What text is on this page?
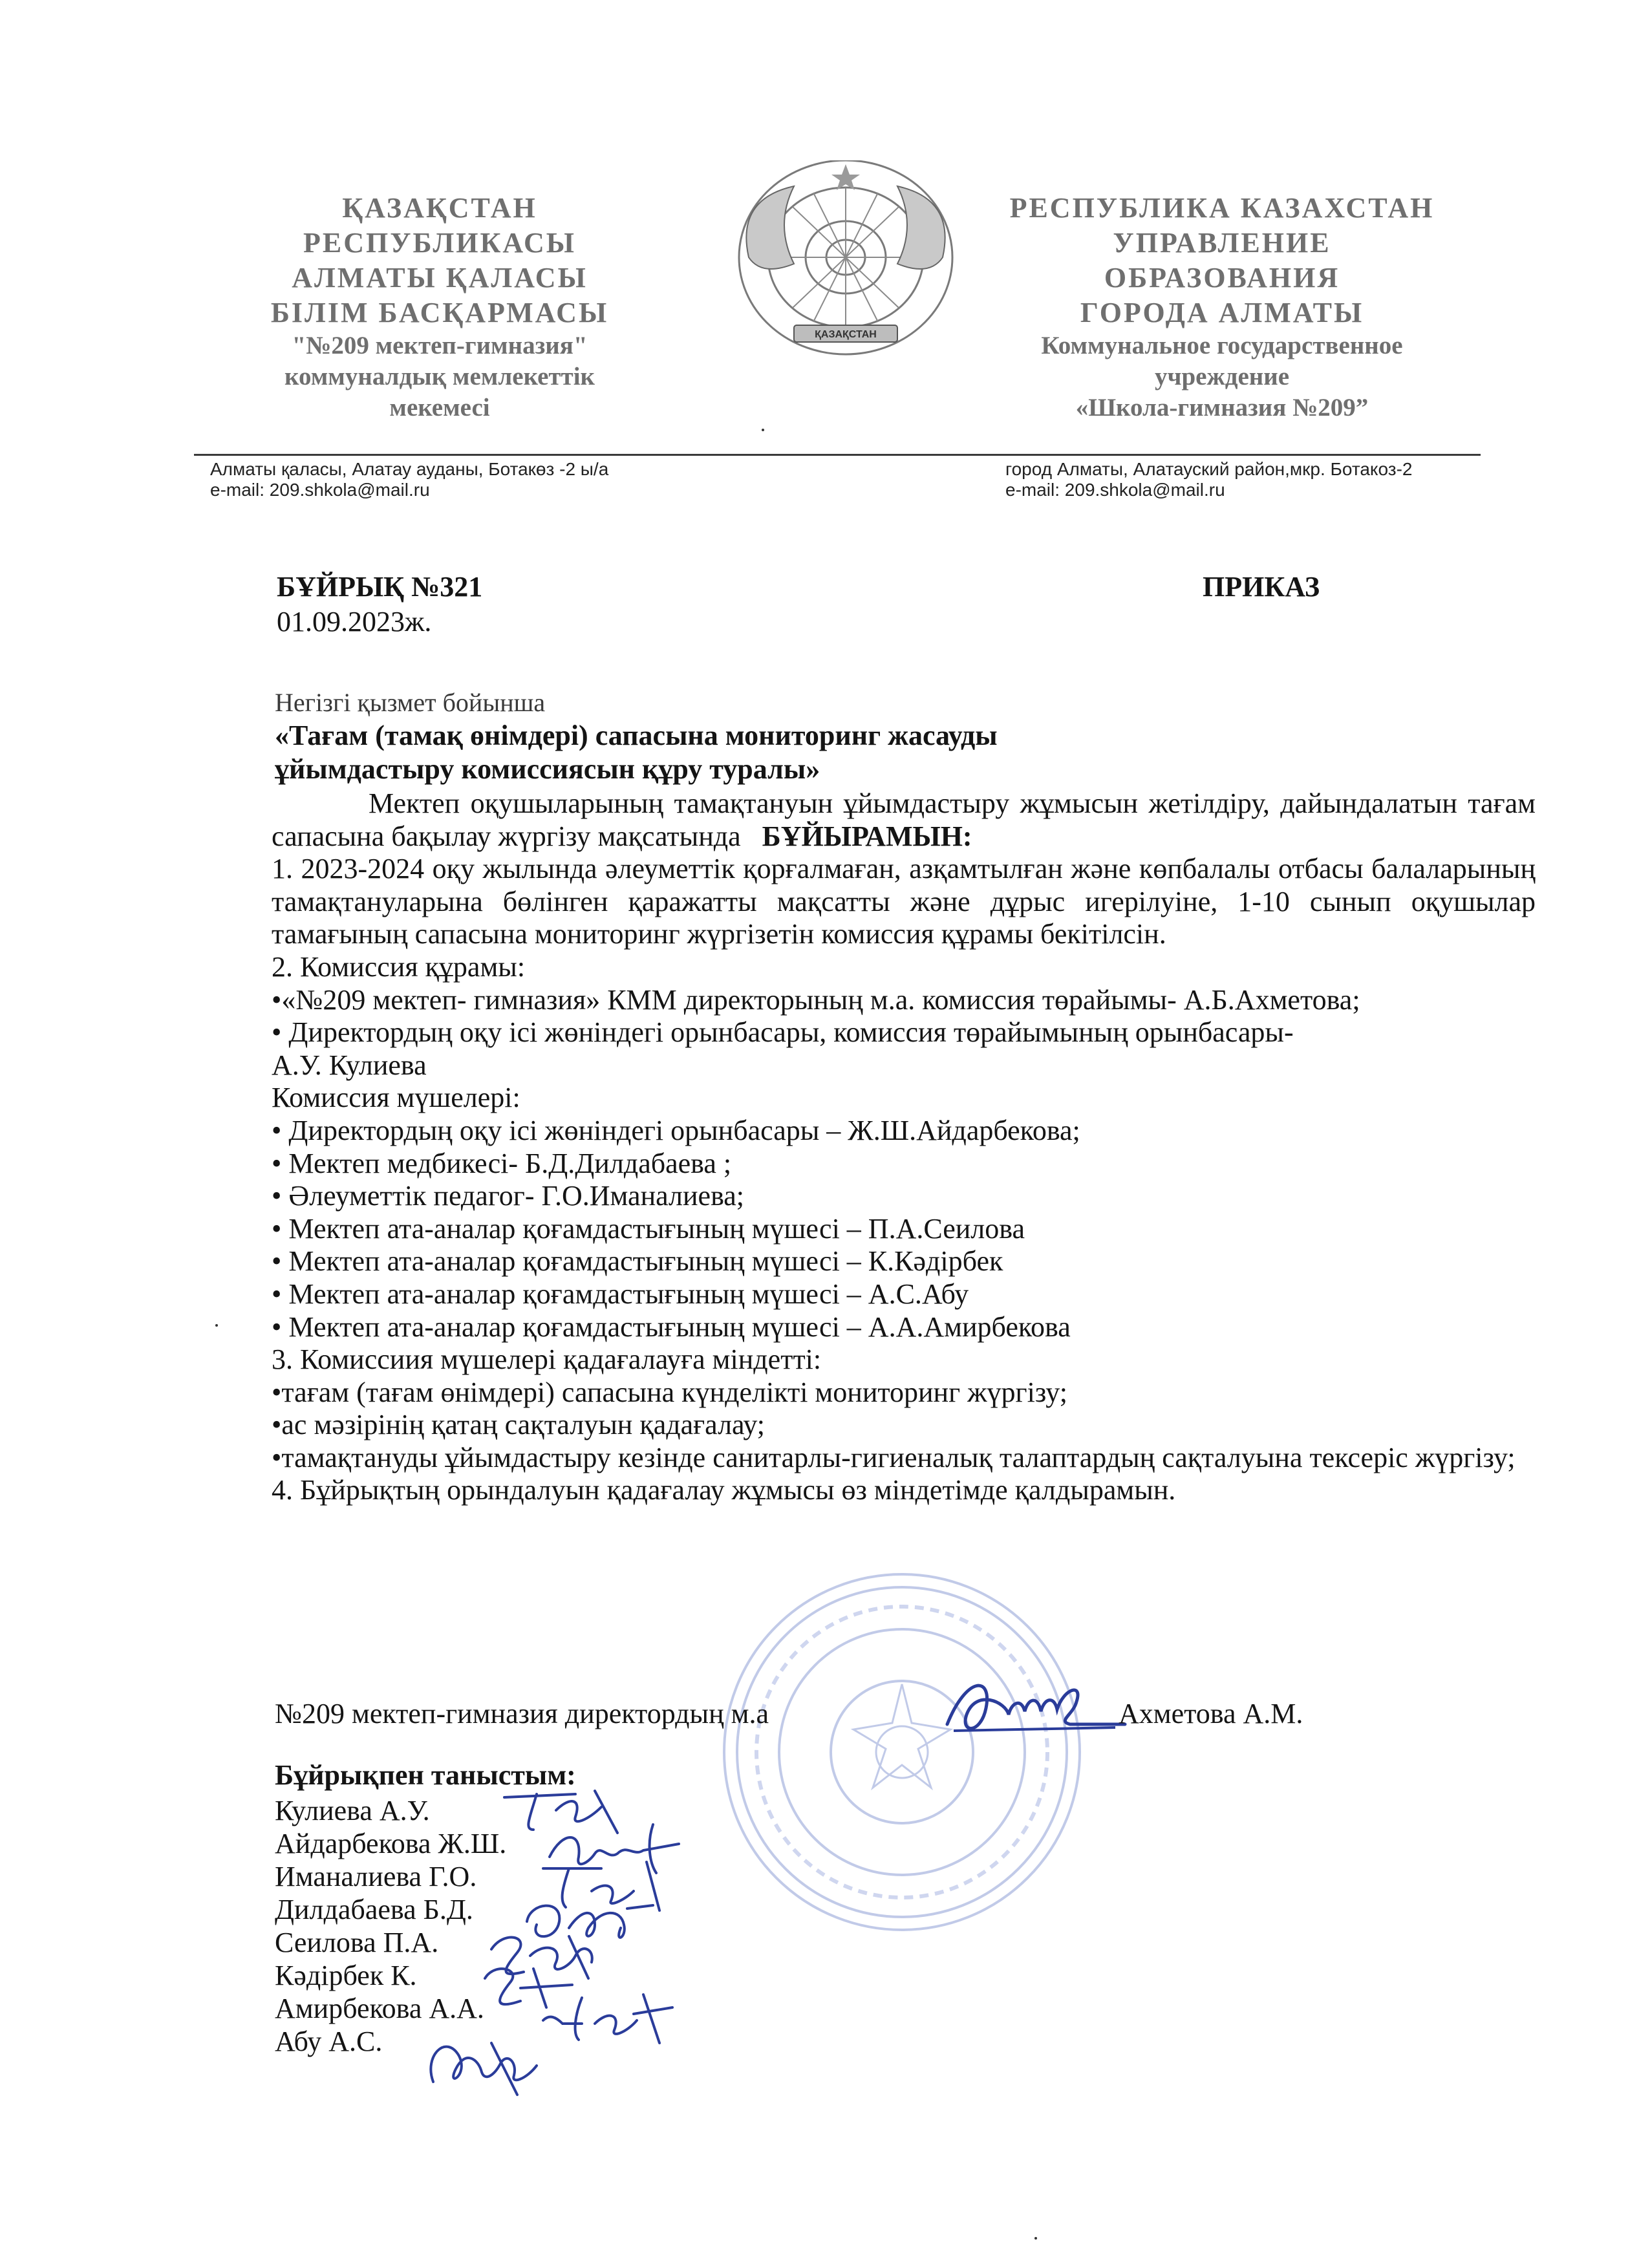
ҚАЗАҚСТАН
РЕСПУБЛИКАСЫ
АЛМАТЫ ҚАЛАСЫ
БІЛІМ БАСҚАРМАСЫ
"№209 мектеп-гимназия"
коммуналдық мемлекеттік
мекемесі
ҚАЗАҚСТАН
РЕСПУБЛИКА КАЗАХСТАН
УПРАВЛЕНИЕ
ОБРАЗОВАНИЯ
ГОРОДА АЛМАТЫ
Коммунальное государственное
учреждение
«Школа-гимназия №209”
Алматы қаласы, Алатау ауданы, Ботакөз -2 ы/а
e-mail: 209.shkola@mail.ru
город Алматы, Алатауский район,мкр. Ботакоз-2
e-mail: 209.shkola@mail.ru
БҰЙРЫҚ №321	ПРИКАЗ
01.09.2023ж.
Негізгі қызмет бойынша
«Тағам (тамақ өнімдері) сапасына мониторинг жасауды
ұйымдастыру комиссиясын құру туралы»

Мектеп оқушыларының тамақтануын ұйымдастыру жұмысын жетілдіру, дайындалатын тағам сапасына бақылау жүргізу мақсатында БҰЙЫРАМЫН:

1. 2023-2024 оқу жылында әлеуметтік қорғалмаған, азқамтылған және көпбалалы отбасы балаларының тамақтануларына бөлінген қаражатты мақсатты және дұрыс игерілуіне, 1-10 сынып оқушылар тамағының сапасына мониторинг жүргізетін комиссия құрамы бекітілсін.

2. Комиссия құрамы:

•«№209 мектеп- гимназия» КММ директорының м.а. комиссия төрайымы- А.Б.Ахметова;

• Директордың оқу ісі жөніндегі орынбасары, комиссия төрайымының орынбасары-

А.У. Кулиева

Комиссия мүшелері:

• Директордың оқу ісі жөніндегі орынбасары – Ж.Ш.Айдарбекова;

• Мектеп медбикесі- Б.Д.Дилдабаева ;

• Әлеуметтік педагог- Г.О.Иманалиева;

• Мектеп ата-аналар қоғамдастығының мүшесі – П.А.Сеилова

• Мектеп ата-аналар қоғамдастығының мүшесі – К.Кәдірбек

• Мектеп ата-аналар қоғамдастығының мүшесі – А.С.Абу

• Мектеп ата-аналар қоғамдастығының мүшесі – А.А.Амирбекова

3. Комиссиия мүшелері қадағалауға міндетті:

•тағам (тағам өнімдері) сапасына күнделікті мониторинг жүргізу;

•ас мәзірінің қатаң сақталуын қадағалау;

•тамақтануды ұйымдастыру кезінде санитарлы-гигиеналық талаптардың сақталуына тексеріс жүргізу;

4. Бұйрықтың орындалуын қадағалау жұмысы өз міндетімде қалдырамын.

№209 мектеп-гимназия директордың м.а	Ахметова А.М.
Бұйрықпен таныстым:
Кулиева А.У.
Айдарбекова Ж.Ш.
Иманалиева Г.О.
Дилдабаева Б.Д.
Сеилова П.А.
Кәдірбек К.
Амирбекова А.А.
Абу А.С.
